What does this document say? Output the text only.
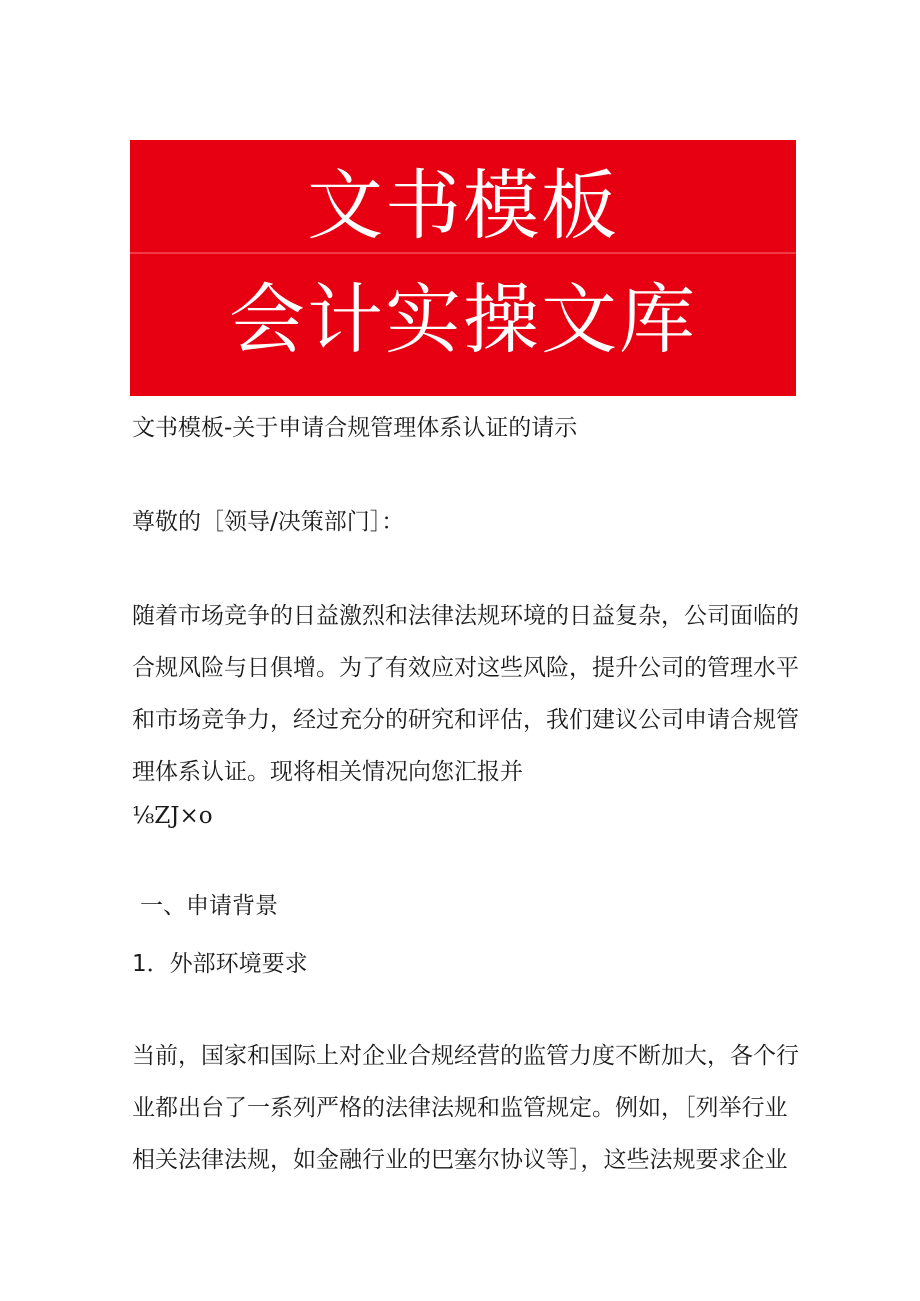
文书模板
会计实操文库
文书模板-关于申请合规管理体系认证的请示
尊敬的［领导/决策部门］：
随着市场竞争的日益激烈和法律法规环境的日益复杂，公司面临的
合规风险与日俱增。为了有效应对这些风险，提升公司的管理水平
和市场竞争力，经过充分的研究和评估，我们建议公司申请合规管
理体系认证。现将相关情况向您汇报并
⅛ZJ×o
一、申请背景
1．外部环境要求
当前，国家和国际上对企业合规经营的监管力度不断加大，各个行
业都出台了一系列严格的法律法规和监管规定。例如，［列举行业
相关法律法规，如金融行业的巴塞尔协议等］，这些法规要求企业
